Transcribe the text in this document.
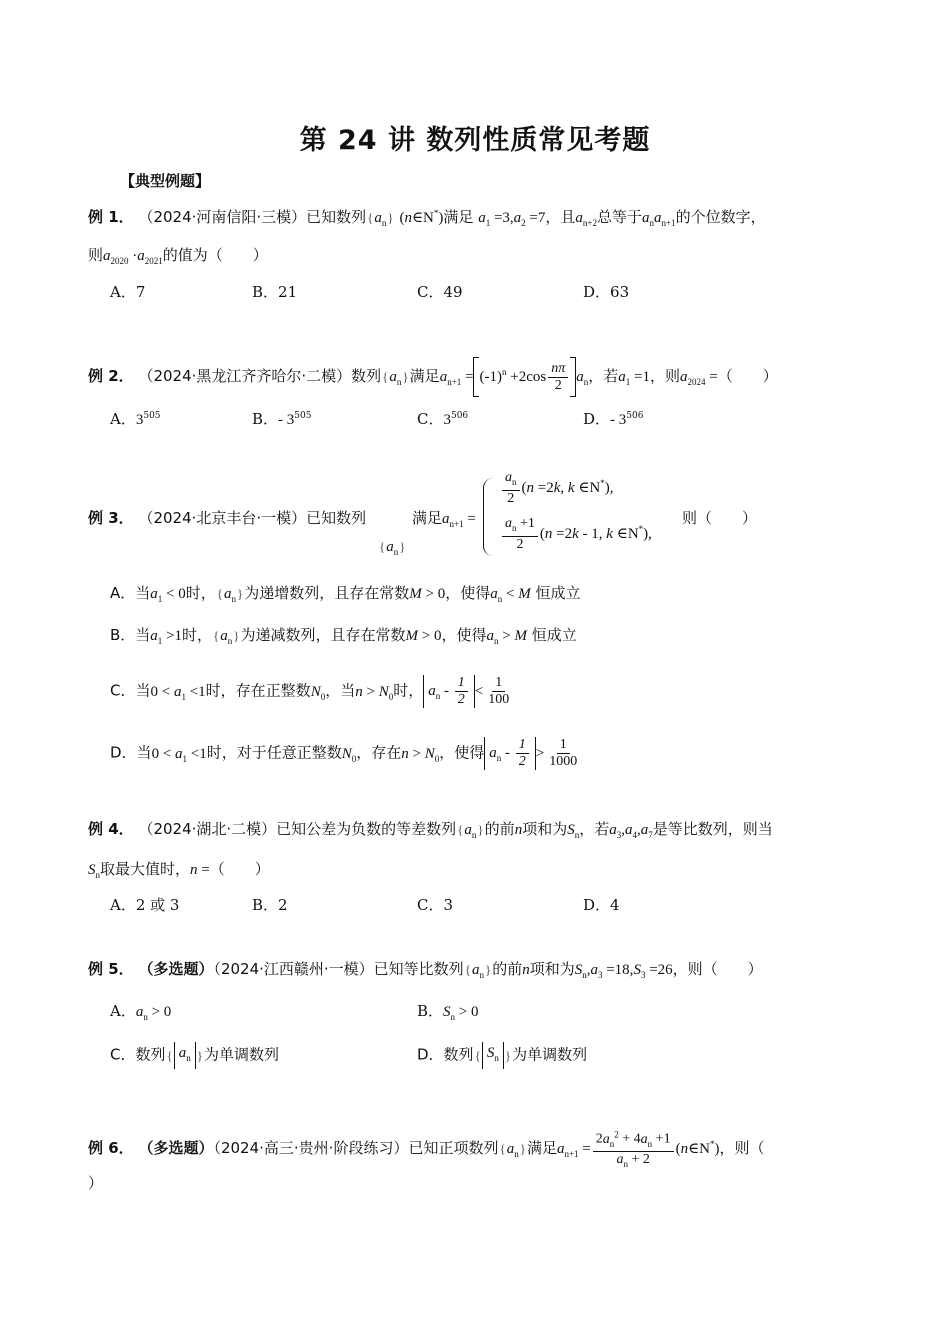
第 24 讲 数列性质常见考题
【典型例题】
例 1． （2024·河南信阳·三模）已知数列$\{a_n\}$ (n∈N*)满足 $a_1 =3,a_2 =7$，且$a_{n+2}$总等于$a_na_{n+1}$的个位数字，
则$a_{2020} \cdot a_{2021}$的值为（　　）
A．7	B．21	C．49	D．63
例 2． （2024·黑龙江齐齐哈尔·二模）数列$\{a_n\}$满足$a_{n+1} = (-1)^n +2\cos \frac{n\pi}{2} a_n$，若$a_1 =1$，则$a_{2024}$ =（　　）
A．$3^{505}$	B．- $3^{505}$	C．$3^{506}$	D．- $3^{506}$
例 3． （2024·北京丰台·一模）已知数列
$\{a_n\}$
满足$a_{n+1}$ =
$\frac{a_n}{2} (n =2k$, k ∈N*),
$\frac{a_n +1}{2} (n =2k - 1$, k ∈N*),
则（　　）
A．当$a_1 < 0$时，$\{a_n\}$为递增数列，且存在常数M > 0，使得$a_n < M$ 恒成立
B．当$a_1 >1$时，$\{a_n\}$为递减数列，且存在常数M > 0，使得$a_n > M$ 恒成立
C．当$0 < a_1 <1$时，存在正整数$N_0$，当$n > N_0$时， $a_n - \frac{1}{2} < \frac{1}{100}$
D．当$0 < a_1 <1$时，对于任意正整数$N_0$，存在$n > N_0$，使得 $a_n - \frac{1}{2} > \frac{1}{1000}$
例 4． （2024·湖北·二模）已知公差为负数的等差数列$\{a_n\}$的前n项和为$S_n$，若$a_3,a_4,a_7$是等比数列，则当
$S_n$取最大值时，n =（　　）
A．2 或 3	B．2	C．3	D．4
例 5． （多选题）（2024·江西赣州·一模）已知等比数列$\{a_n\}$的前n项和为$S_n,a_3 =18,S_3 =26$，则（　　）
A．$a_n > 0$	B．$S_n > 0$
C．数列{ $a_n$ }为单调数列	D．数列{ $S_n$ }为单调数列
例 6． （多选题）（2024·高三·贵州·阶段练习）已知正项数列$\{a_n\}$满足$a_{n+1} = \frac{2a_n^2 + 4a_n +1}{a_n + 2}$ (n∈N*)，则（
）
